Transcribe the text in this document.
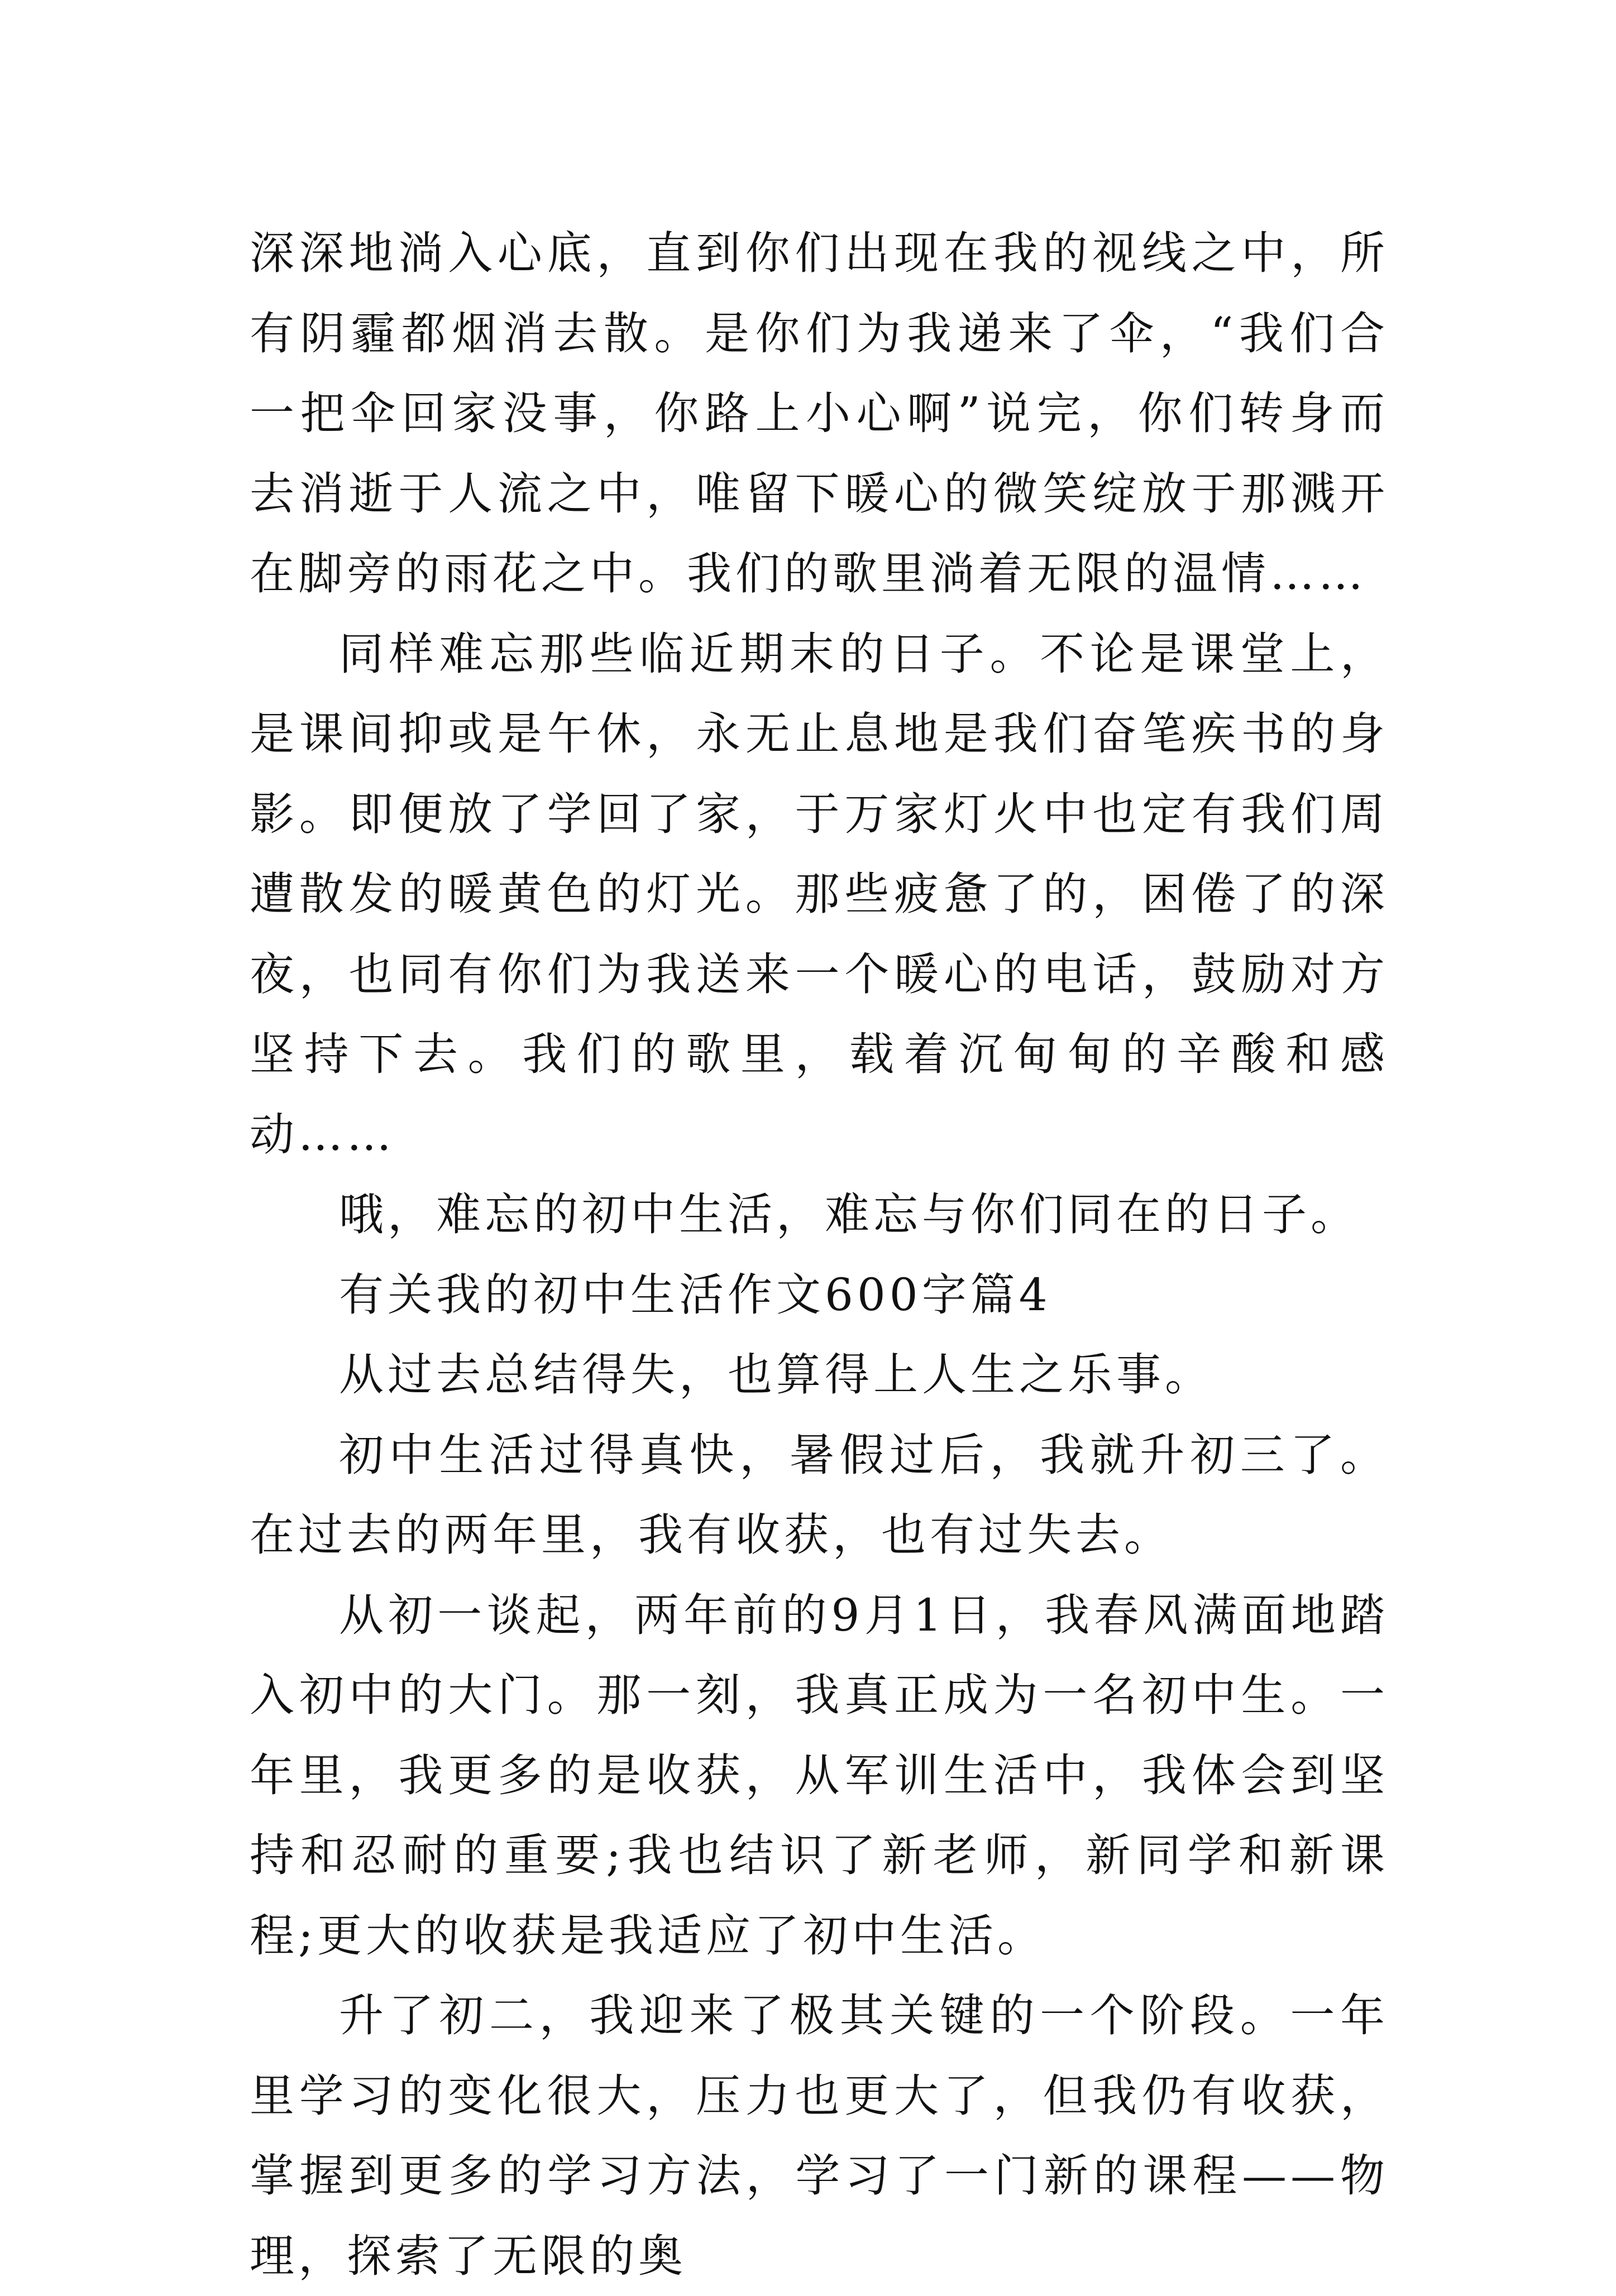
深深地淌入心底，直到你们出现在我的视线之中，所有阴霾都烟消去散。是你们为我递来了伞，“我们合一把伞回家没事，你路上小心啊”说完，你们转身而去消逝于人流之中，唯留下暖心的微笑绽放于那溅开在脚旁的雨花之中。我们的歌里淌着无限的温情……

同样难忘那些临近期末的日子。不论是课堂上，是课间抑或是午休，永无止息地是我们奋笔疾书的身影。即便放了学回了家，于万家灯火中也定有我们周遭散发的暖黄色的灯光。那些疲惫了的，困倦了的深夜，也同有你们为我送来一个暖心的电话，鼓励对方坚持下去。我们的歌里，载着沉甸甸的辛酸和感动……

哦，难忘的初中生活，难忘与你们同在的日子。

有关我的初中生活作文600字篇4

从过去总结得失，也算得上人生之乐事。

初中生活过得真快，暑假过后，我就升初三了。在过去的两年里，我有收获，也有过失去。

从初一谈起，两年前的9月1日，我春风满面地踏入初中的大门。那一刻，我真正成为一名初中生。一年里，我更多的是收获，从军训生活中，我体会到坚持和忍耐的重要;我也结识了新老师，新同学和新课程;更大的收获是我适应了初中生活。

升了初二，我迎来了极其关键的一个阶段。一年里学习的变化很大，压力也更大了，但我仍有收获，掌握到更多的学习方法，学习了一门新的课程——物理，探索了无限的奥
